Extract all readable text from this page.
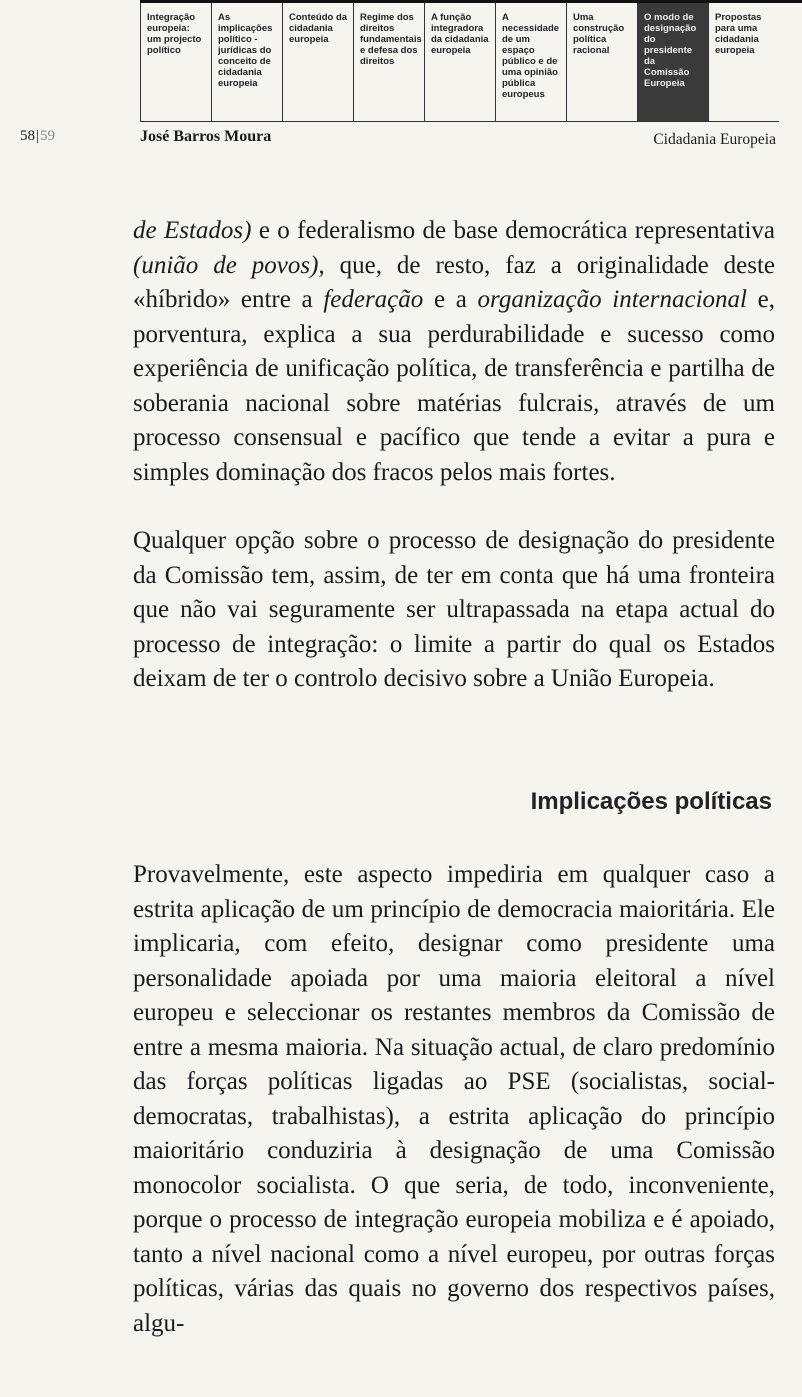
Integração europeia: um projecto político
As implicações político -jurídicas do conceito de cidadania europeia
Conteúdo da cidadania europeia
Regime dos direitos fundamentais e defesa dos direitos
A função integradora da cidadania europeia
A necessidade de um espaço público e de uma opinião pública europeus
Uma construção política racional
O modo de designação do presidente da Comissão Europeia
Propostas para uma cidadania europeia
58|59	José Barros Moura	Cidadania Europeia

de Estados) e o federalismo de base democrática representativa (união de povos), que, de resto, faz a originalidade deste «híbrido» entre a federação e a organização internacional e, porventura, explica a sua perdurabilidade e sucesso como experiência de unificação política, de transferência e partilha de soberania nacional sobre matérias fulcrais, através de um processo consensual e pacífico que tende a evitar a pura e simples dominação dos fracos pelos mais fortes.

Qualquer opção sobre o processo de designação do presidente da Comissão tem, assim, de ter em conta que há uma fronteira que não vai seguramente ser ultrapassada na etapa actual do processo de integração: o limite a partir do qual os Estados deixam de ter o controlo decisivo sobre a União Europeia.

Implicações políticas

Provavelmente, este aspecto impediria em qualquer caso a estrita aplicação de um princípio de democracia maioritária. Ele implicaria, com efeito, designar como presidente uma personalidade apoiada por uma maioria eleitoral a nível europeu e seleccionar os restantes membros da Comissão de entre a mesma maioria. Na situação actual, de claro predomínio das forças políticas ligadas ao PSE (socialistas, social-democratas, trabalhistas), a estrita aplicação do princípio maioritário conduziria à designação de uma Comissão monocolor socialista. O que seria, de todo, inconveniente, porque o processo de integração europeia mobiliza e é apoiado, tanto a nível nacional como a nível europeu, por outras forças políticas, várias das quais no governo dos respectivos países, algu-
